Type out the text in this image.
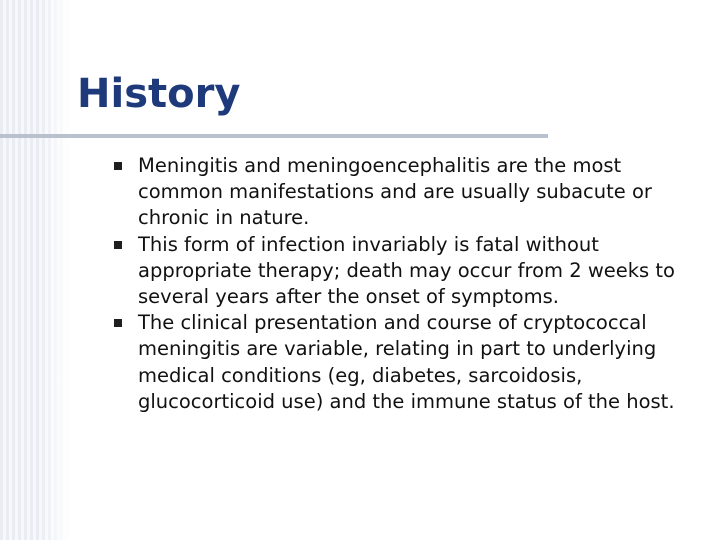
History
Meningitis and meningoencephalitis are the most common manifestations and are usually subacute or chronic in nature.
This form of infection invariably is fatal without appropriate therapy; death may occur from 2 weeks to several years after the onset of symptoms.
The clinical presentation and course of cryptococcal meningitis are variable, relating in part to underlying medical conditions (eg, diabetes, sarcoidosis, glucocorticoid use) and the immune status of the host.
